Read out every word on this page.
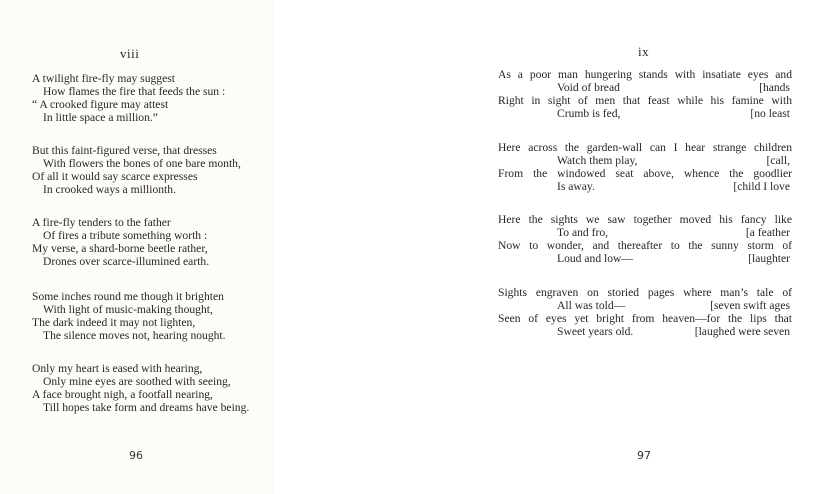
viii
A twilight fire-fly may suggest
How flames the fire that feeds the sun :
“ A crooked figure may attest
In little space a million.”
But this faint-figured verse, that dresses
With flowers the bones of one bare month,
Of all it would say scarce expresses
In crooked ways a millionth.
A fire-fly tenders to the father
Of fires a tribute something worth :
My verse, a shard-borne beetle rather,
Drones over scarce-illumined earth.
Some inches round me though it brighten
With light of music-making thought,
The dark indeed it may not lighten,
The silence moves not, hearing nought.
Only my heart is eased with hearing,
Only mine eyes are soothed with seeing,
A face brought nigh, a footfall nearing,
Till hopes take form and dreams have being.
96
ix
As a poor man hungering stands with insatiate eyes and
Void of bread	[hands
Right in sight of men that feast while his famine with
Crumb is fed,	[no least
Here across the garden-wall can I hear strange children
Watch them play,	[call,
From the windowed seat above, whence the goodlier
Is away.	[child I love
Here the sights we saw together moved his fancy like
To and fro,	[a feather
Now to wonder, and thereafter to the sunny storm of
Loud and low—	[laughter
Sights engraven on storied pages where man’s tale of
All was told—	[seven swift ages
Seen of eyes yet bright from heaven—for the lips that
Sweet years old.	[laughed were seven
97
